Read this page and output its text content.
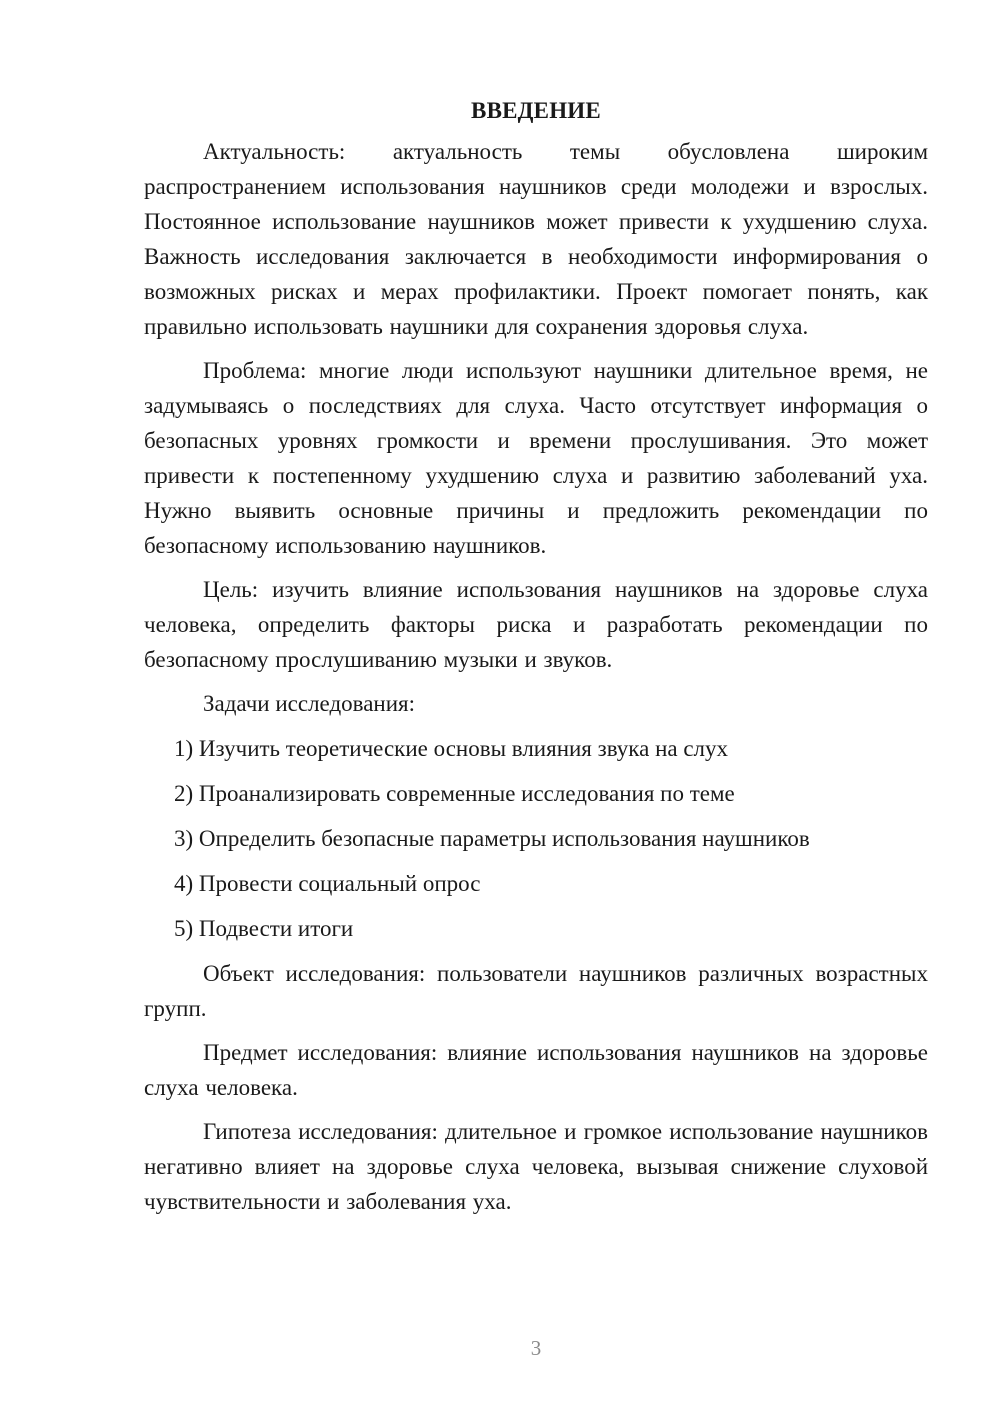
ВВЕДЕНИЕ

Актуальность: актуальность темы обусловлена широким распространением использования наушников среди молодежи и взрослых. Постоянное использование наушников может привести к ухудшению слуха. Важность исследования заключается в необходимости информирования о возможных рисках и мерах профилактики. Проект помогает понять, как правильно использовать наушники для сохранения здоровья слуха.

Проблема: многие люди используют наушники длительное время, не задумываясь о последствиях для слуха. Часто отсутствует информация о безопасных уровнях громкости и времени прослушивания. Это может привести к постепенному ухудшению слуха и развитию заболеваний уха. Нужно выявить основные причины и предложить рекомендации по безопасному использованию наушников.

Цель: изучить влияние использования наушников на здоровье слуха человека, определить факторы риска и разработать рекомендации по безопасному прослушиванию музыки и звуков.

Задачи исследования:

1) Изучить теоретические основы влияния звука на слух
2) Проанализировать современные исследования по теме
3) Определить безопасные параметры использования наушников
4) Провести социальный опрос
5) Подвести итоги

Объект исследования: пользователи наушников различных возрастных групп.

Предмет исследования: влияние использования наушников на здоровье слуха человека.

Гипотеза исследования: длительное и громкое использование наушников негативно влияет на здоровье слуха человека, вызывая снижение слуховой чувствительности и заболевания уха.

3
